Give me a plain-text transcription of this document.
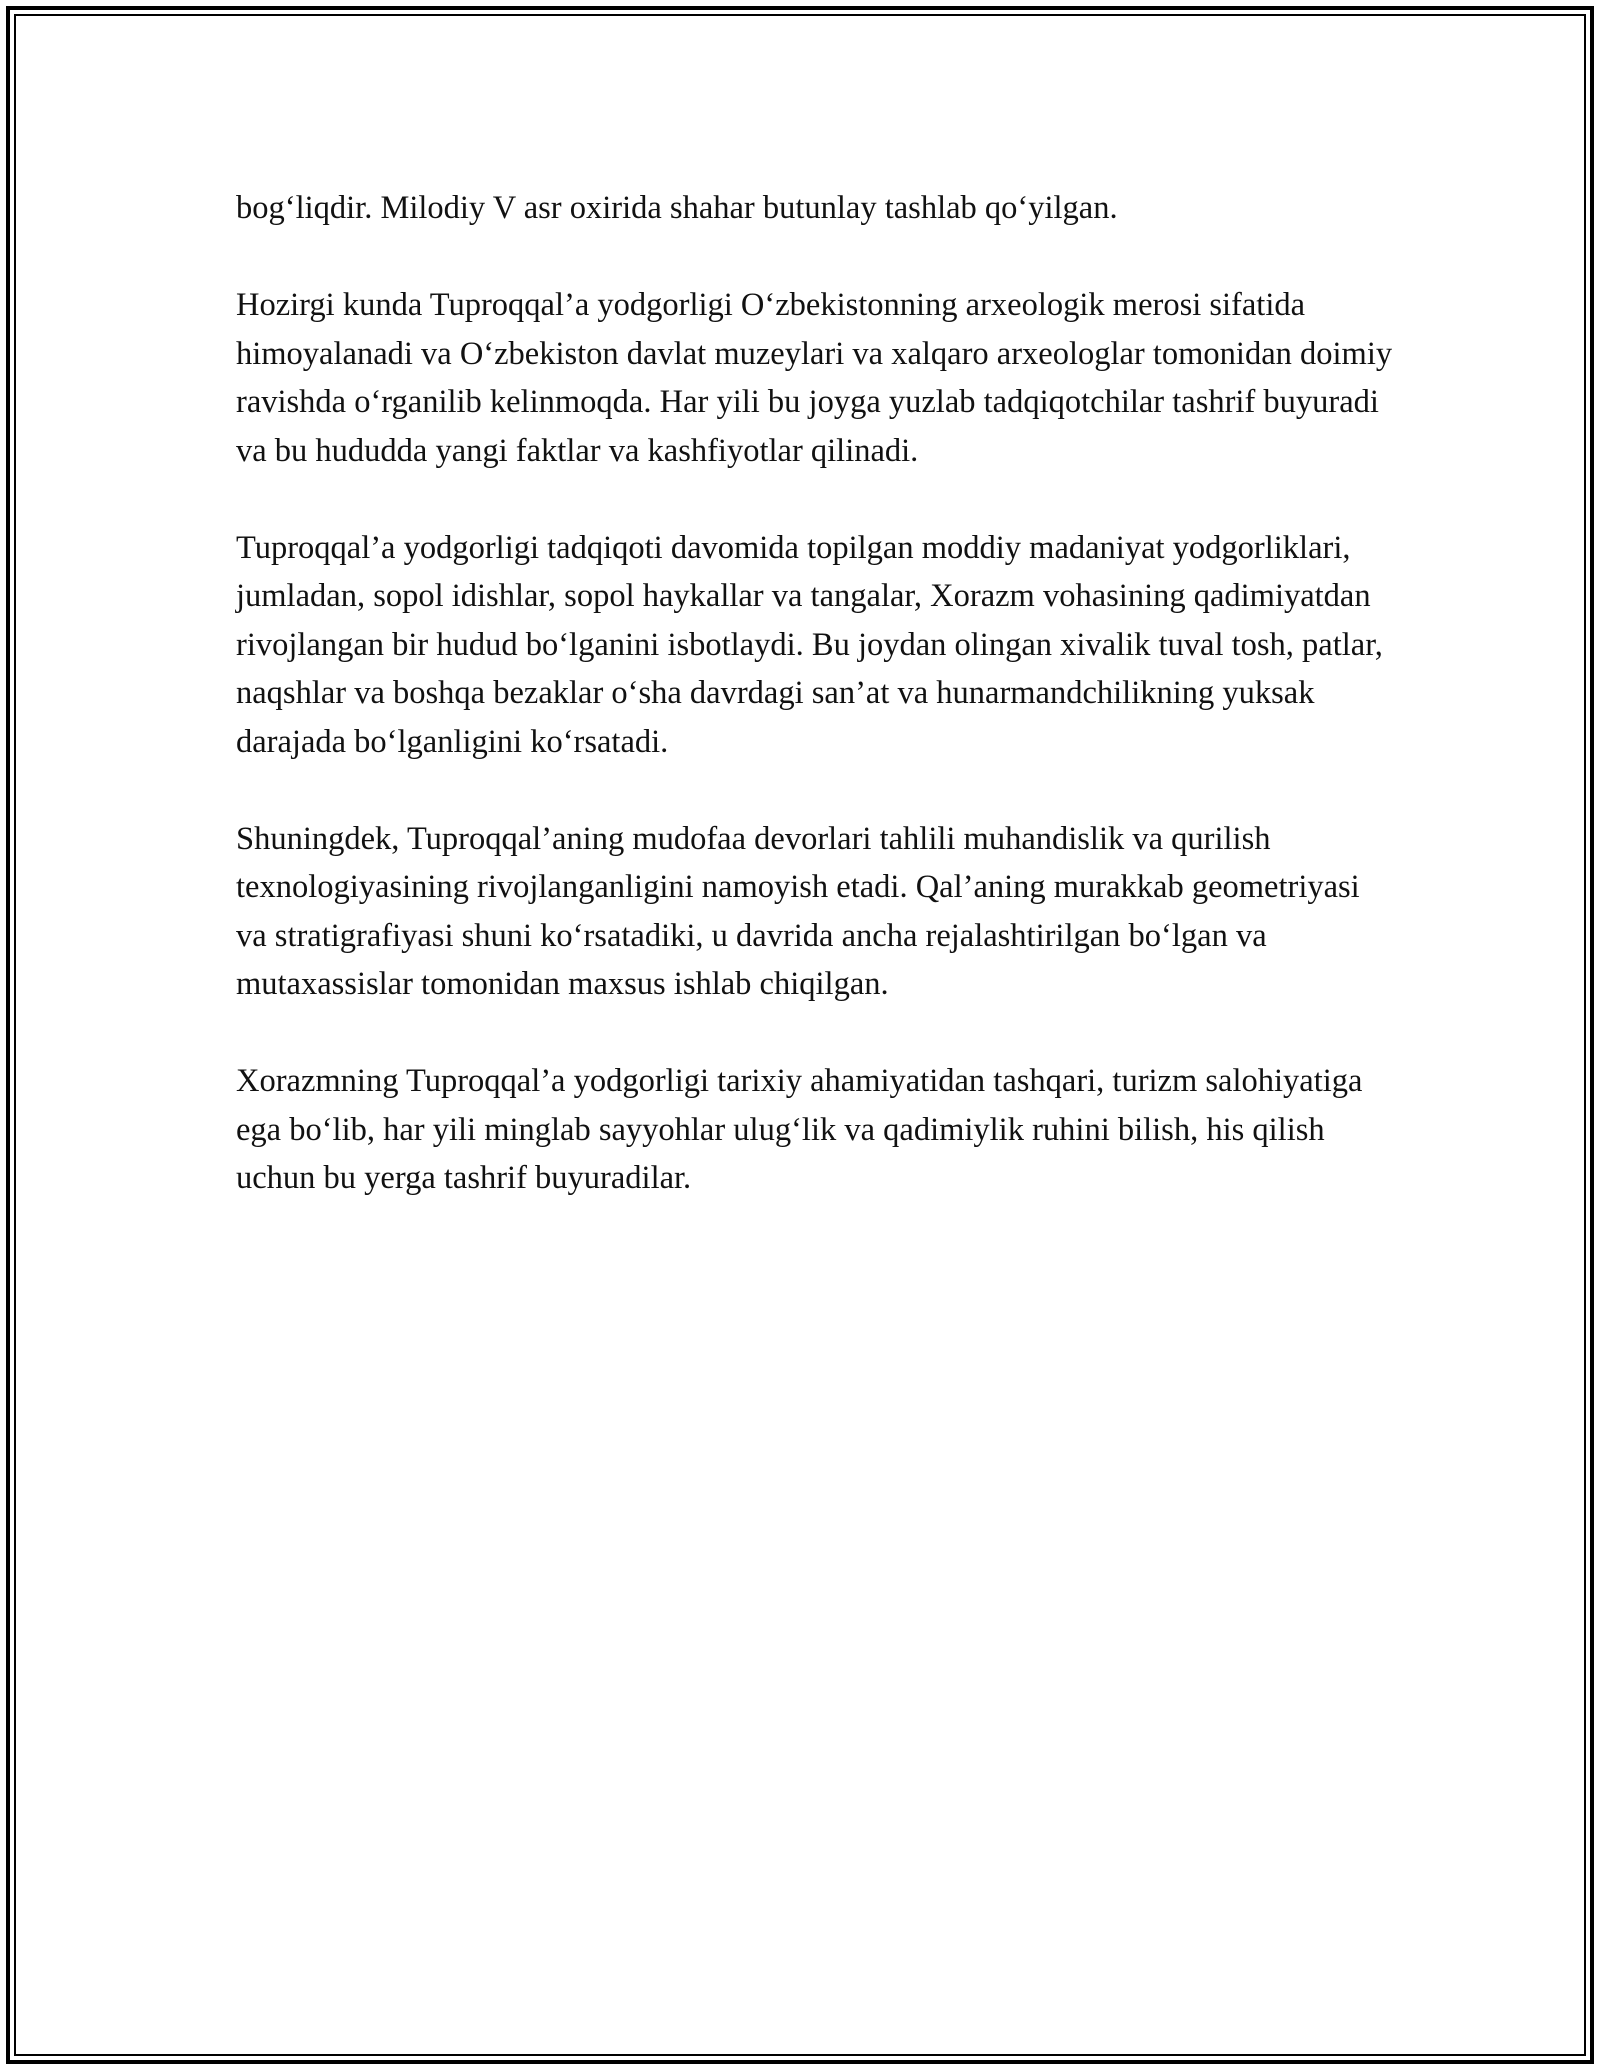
bog‘liqdir. Milodiy V asr oxirida shahar butunlay tashlab qo‘yilgan.

Hozirgi kunda Tuproqqal’a yodgorligi O‘zbekistonning arxeologik merosi sifatida himoyalanadi va O‘zbekiston davlat muzeylari va xalqaro arxeologlar tomonidan doimiy ravishda o‘rganilib kelinmoqda. Har yili bu joyga yuzlab tadqiqotchilar tashrif buyuradi va bu hududda yangi faktlar va kashfiyotlar qilinadi.

Tuproqqal’a yodgorligi tadqiqoti davomida topilgan moddiy madaniyat yodgorliklari, jumladan, sopol idishlar, sopol haykallar va tangalar, Xorazm vohasining qadimiyatdan rivojlangan bir hudud bo‘lganini isbotlaydi. Bu joydan olingan xivalik tuval tosh, patlar, naqshlar va boshqa bezaklar o‘sha davrdagi san’at va hunarmandchilikning yuksak darajada bo‘lganligini ko‘rsatadi.

Shuningdek, Tuproqqal’aning mudofaa devorlari tahlili muhandislik va qurilish texnologiyasining rivojlanganligini namoyish etadi. Qal’aning murakkab geometriyasi va stratigrafiyasi shuni ko‘rsatadiki, u davrida ancha rejalashtirilgan bo‘lgan va mutaxassislar tomonidan maxsus ishlab chiqilgan.

Xorazmning Tuproqqal’a yodgorligi tarixiy ahamiyatidan tashqari, turizm salohiyatiga ega bo‘lib, har yili minglab sayyohlar ulug‘lik va qadimiylik ruhini bilish, his qilish uchun bu yerga tashrif buyuradilar.
